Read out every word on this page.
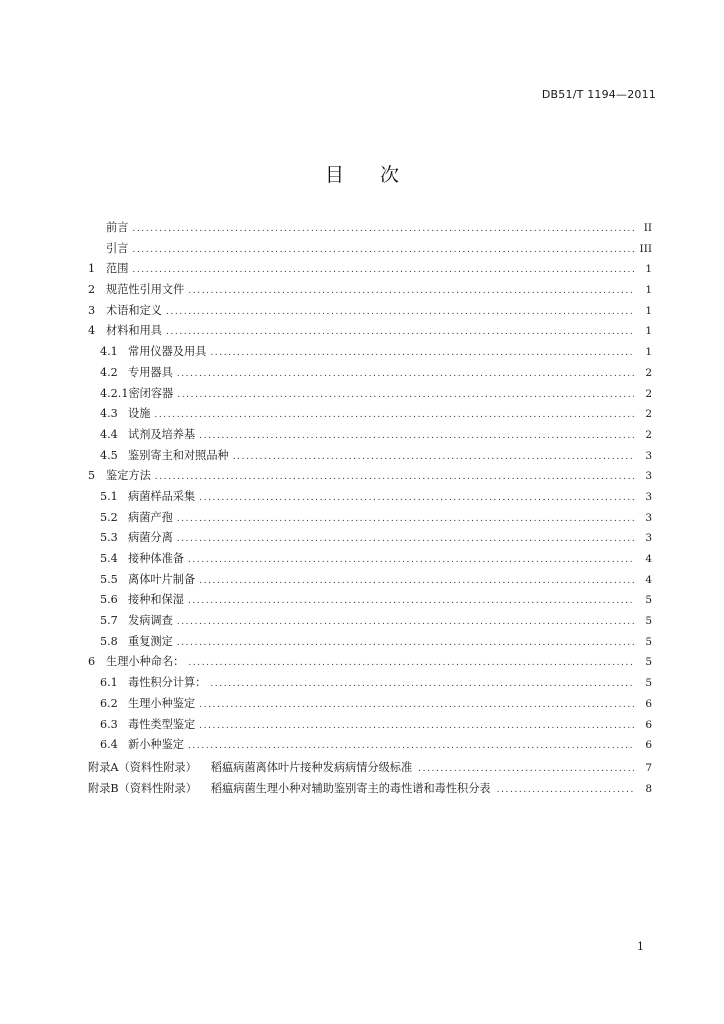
DB51/T 1194—2011
目次
前言 .....	II
引言 .....	III
1 范围 .....	1
2 规范性引用文件 .....	1
3 术语和定义 .....	1
4 材料和用具 .....	1
4.1 常用仪器及用具 .....	1
4.2 专用器具 .....	2
4.2.1 密闭容器 .....	2
4.3 设施 .....	2
4.4 试剂及培养基 .....	2
4.5 鉴别寄主和对照品种 .....	3
5 鉴定方法 .....	3
5.1 病菌样品采集 .....	3
5.2 病菌产孢 .....	3
5.3 病菌分离 .....	3
5.4 接种体准备 .....	4
5.5 离体叶片制备 .....	4
5.6 接种和保湿 .....	5
5.7 发病调查 .....	5
5.8 重复测定 .....	5
6 生理小种命名： .....	5
6.1 毒性积分计算： .....	5
6.2 生理小种鉴定 .....	6
6.3 毒性类型鉴定 .....	6
6.4 新小种鉴定 .....	6
附录A（资料性附录）	稻瘟病菌离体叶片接种发病病情分级标准 .....	7
附录B（资料性附录）	稻瘟病菌生理小种对辅助鉴别寄主的毒性谱和毒性积分表 .....	8
1
